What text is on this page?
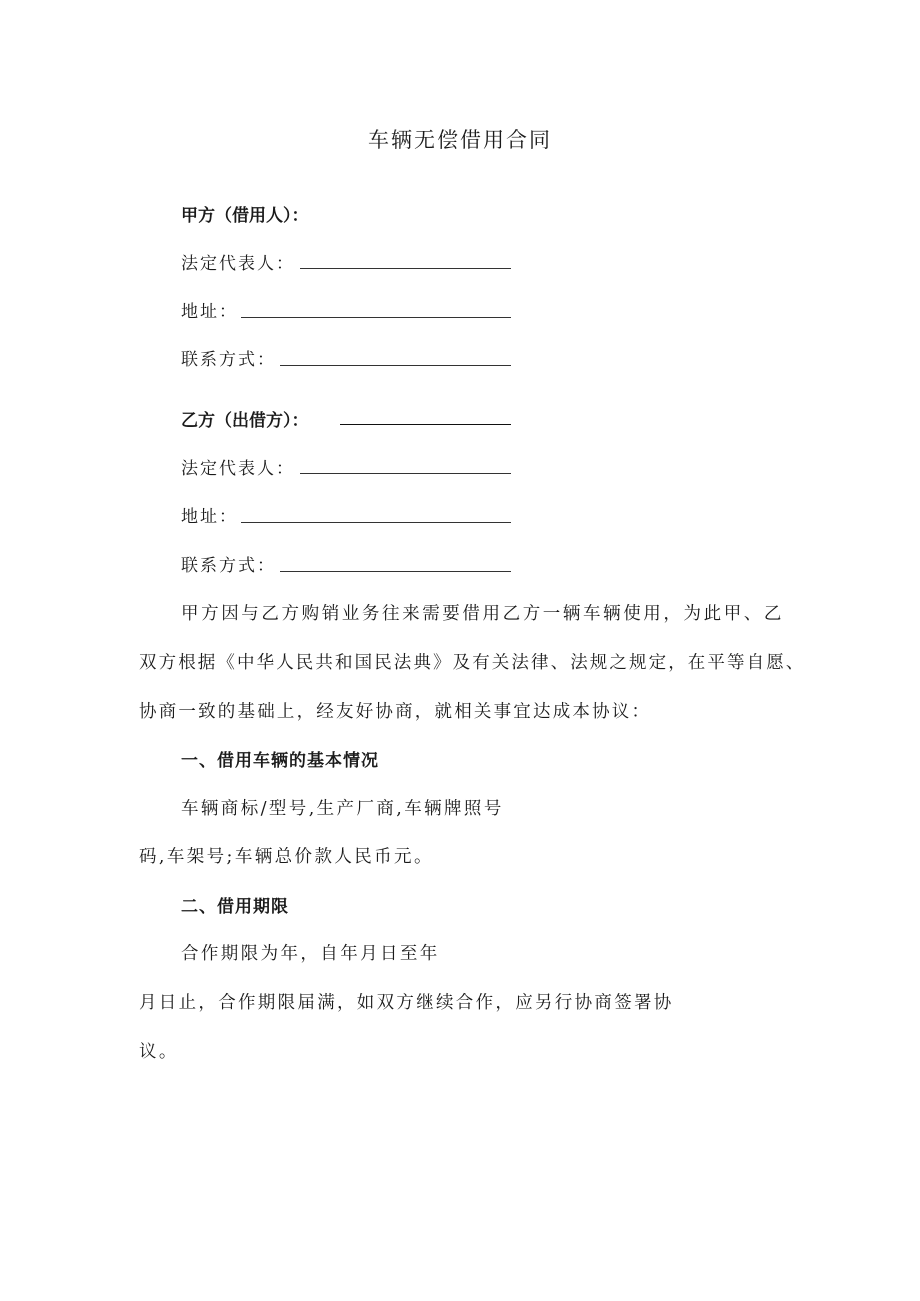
车辆无偿借用合同
甲方（借用人）：
法定代表人：
地址：
联系方式：
乙方（出借方）：
法定代表人：
地址：
联系方式：
甲方因与乙方购销业务往来需要借用乙方一辆车辆使用，为此甲、乙
双方根据《中华人民共和国民法典》及有关法律、法规之规定，在平等自愿、
协商一致的基础上，经友好协商，就相关事宜达成本协议：
一、借用车辆的基本情况
车辆商标/型号,生产厂商,车辆牌照号
码,车架号;车辆总价款人民币元。
二、借用期限
合作期限为年，自年月日至年
月日止，合作期限届满，如双方继续合作，应另行协商签署协
议。
